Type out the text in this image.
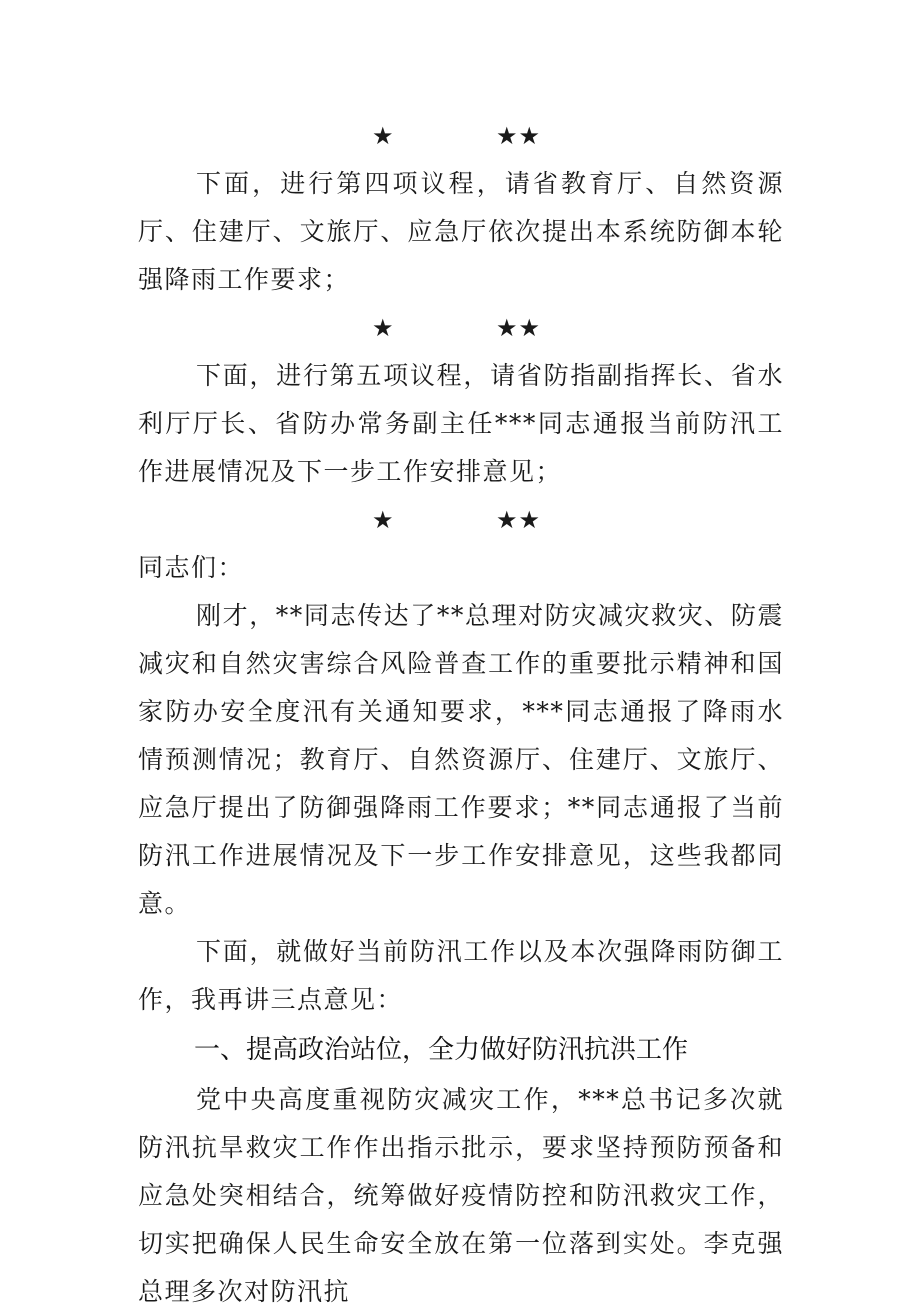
★	★★

下面，进行第四项议程，请省教育厅、自然资源厅、住建厅、文旅厅、应急厅依次提出本系统防御本轮强降雨工作要求；

★	★★

下面，进行第五项议程，请省防指副指挥长、省水利厅厅长、省防办常务副主任***同志通报当前防汛工作进展情况及下一步工作安排意见；

★	★★

同志们：

刚才，**同志传达了**总理对防灾减灾救灾、防震减灾和自然灾害综合风险普查工作的重要批示精神和国家防办安全度汛有关通知要求，***同志通报了降雨水情预测情况；教育厅、自然资源厅、住建厅、文旅厅、应急厅提出了防御强降雨工作要求；**同志通报了当前防汛工作进展情况及下一步工作安排意见，这些我都同意。

下面，就做好当前防汛工作以及本次强降雨防御工作，我再讲三点意见：

一、提高政治站位，全力做好防汛抗洪工作

党中央高度重视防灾减灾工作，***总书记多次就防汛抗旱救灾工作作出指示批示，要求坚持预防预备和应急处突相结合，统筹做好疫情防控和防汛救灾工作，切实把确保人民生命安全放在第一位落到实处。李克强总理多次对防汛抗
